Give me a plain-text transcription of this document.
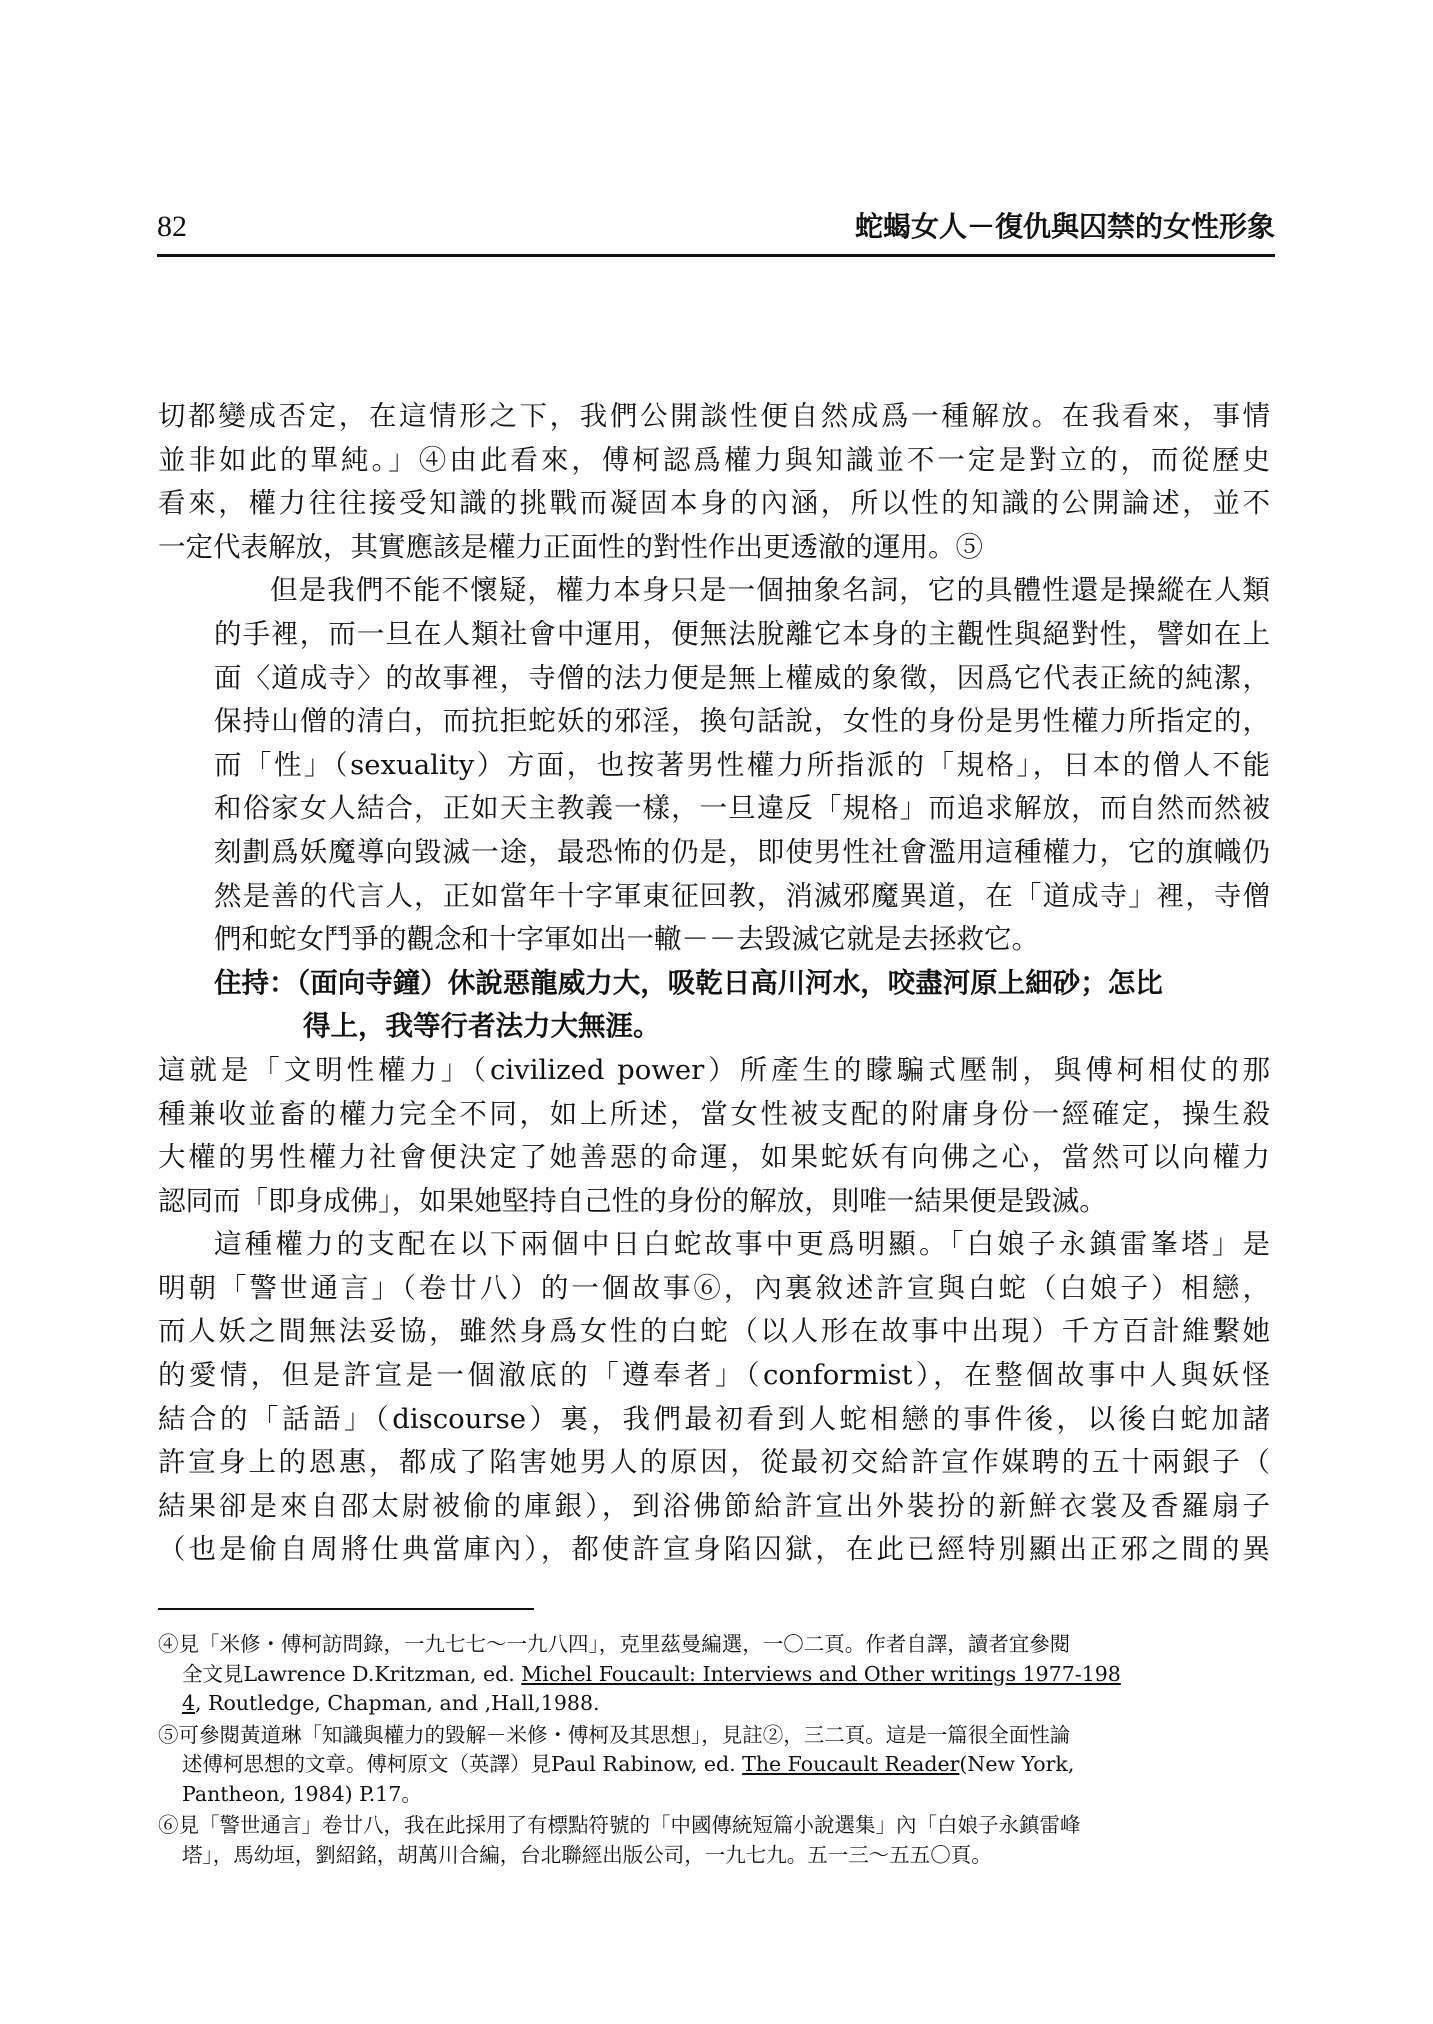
82	蛇蝎女人－復仇與囚禁的女性形象

切都變成否定，在這情形之下，我們公開談性便自然成爲一種解放。在我看來，事情
並非如此的單純。」④由此看來，傅柯認爲權力與知識並不一定是對立的，而從歷史
看來，權力往往接受知識的挑戰而凝固本身的內涵，所以性的知識的公開論述，並不
一定代表解放，其實應該是權力正面性的對性作出更透澈的運用。⑤

但是我們不能不懷疑，權力本身只是一個抽象名詞，它的具體性還是操縱在人類
的手裡，而一旦在人類社會中運用，便無法脫離它本身的主觀性與絕對性，譬如在上
面〈道成寺〉的故事裡，寺僧的法力便是無上權威的象徵，因爲它代表正統的純潔，
保持山僧的清白，而抗拒蛇妖的邪淫，換句話說，女性的身份是男性權力所指定的，
而「性」（sexuality）方面，也按著男性權力所指派的「規格」，日本的僧人不能
和俗家女人結合，正如天主教義一樣，一旦違反「規格」而追求解放，而自然而然被
刻劃爲妖魔導向毀滅一途，最恐怖的仍是，即使男性社會濫用這種權力，它的旗幟仍
然是善的代言人，正如當年十字軍東征回教，消滅邪魔異道，在「道成寺」裡，寺僧
們和蛇女鬥爭的觀念和十字軍如出一轍－－去毀滅它就是去拯救它。

住持：（面向寺鐘）休說惡龍威力大，吸乾日高川河水，咬盡河原上細砂；怎比
得上，我等行者法力大無涯。

這就是「文明性權力」（civilized power）所產生的矇騙式壓制，與傅柯相仗的那
種兼收並畜的權力完全不同，如上所述，當女性被支配的附庸身份一經確定，操生殺
大權的男性權力社會便決定了她善惡的命運，如果蛇妖有向佛之心，當然可以向權力
認同而「即身成佛」，如果她堅持自己性的身份的解放，則唯一結果便是毀滅。

這種權力的支配在以下兩個中日白蛇故事中更爲明顯。「白娘子永鎮雷峯塔」是
明朝「警世通言」（卷廿八）的一個故事⑥，內裏敘述許宣與白蛇（白娘子）相戀，
而人妖之間無法妥協，雖然身爲女性的白蛇（以人形在故事中出現）千方百計維繫她
的愛情，但是許宣是一個澈底的「遵奉者」（conformist），在整個故事中人與妖怪
結合的「話語」（discourse）裏，我們最初看到人蛇相戀的事件後，以後白蛇加諸
許宣身上的恩惠，都成了陷害她男人的原因，從最初交給許宣作媒聘的五十兩銀子（
結果卻是來自邵太尉被偷的庫銀），到浴佛節給許宣出外裝扮的新鮮衣裳及香羅扇子
（也是偷自周將仕典當庫內），都使許宣身陷囚獄，在此已經特別顯出正邪之間的異

④見「米修・傅柯訪問錄，一九七七～一九八四」，克里茲曼編選，一〇二頁。作者自譯，讀者宜參閱
全文見Lawrence D.Kritzman, ed. Michel Foucault: Interviews and Other writings 1977-198
4, Routledge, Chapman, and ,Hall,1988.
⑤可參閱黃道琳「知識與權力的毀解－米修・傅柯及其思想」，見註②，三二頁。這是一篇很全面性論
述傅柯思想的文章。傅柯原文（英譯）見Paul Rabinow, ed. The Foucault Reader(New York,
Pantheon, 1984) P.17。
⑥見「警世通言」卷廿八，我在此採用了有標點符號的「中國傳統短篇小說選集」內「白娘子永鎮雷峰
塔」，馬幼垣，劉紹銘，胡萬川合編，台北聯經出版公司，一九七九。五一三～五五〇頁。
